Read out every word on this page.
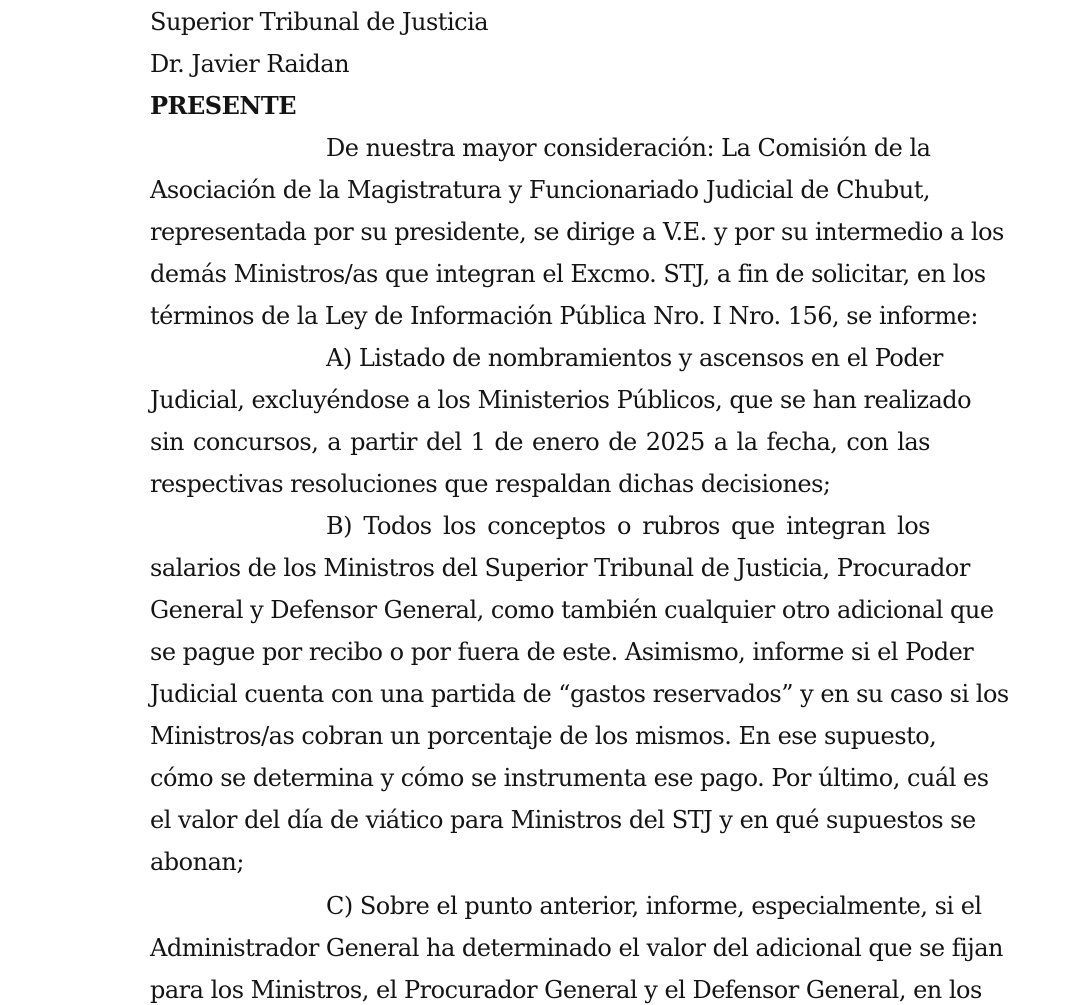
Superior Tribunal de Justicia
Dr. Javier Raidan
PRESENTE
De nuestra mayor consideración: La Comisión de la
Asociación de la Magistratura y Funcionariado Judicial de Chubut,
representada por su presidente, se dirige a V.E. y por su intermedio a los
demás Ministros/as que integran el Excmo. STJ, a fin de solicitar, en los
términos de la Ley de Información Pública Nro. I Nro. 156, se informe:
A) Listado de nombramientos y ascensos en el Poder
Judicial, excluyéndose a los Ministerios Públicos, que se han realizado
sin concursos, a partir del 1 de enero de 2025 a la fecha, con las
respectivas resoluciones que respaldan dichas decisiones;
B) Todos los conceptos o rubros que integran los
salarios de los Ministros del Superior Tribunal de Justicia, Procurador
General y Defensor General, como también cualquier otro adicional que
se pague por recibo o por fuera de este. Asimismo, informe si el Poder
Judicial cuenta con una partida de “gastos reservados” y en su caso si los
Ministros/as cobran un porcentaje de los mismos. En ese supuesto,
cómo se determina y cómo se instrumenta ese pago. Por último, cuál es
el valor del día de viático para Ministros del STJ y en qué supuestos se
abonan;
C) Sobre el punto anterior, informe, especialmente, si el
Administrador General ha determinado el valor del adicional que se fijan
para los Ministros, el Procurador General y el Defensor General, en los
